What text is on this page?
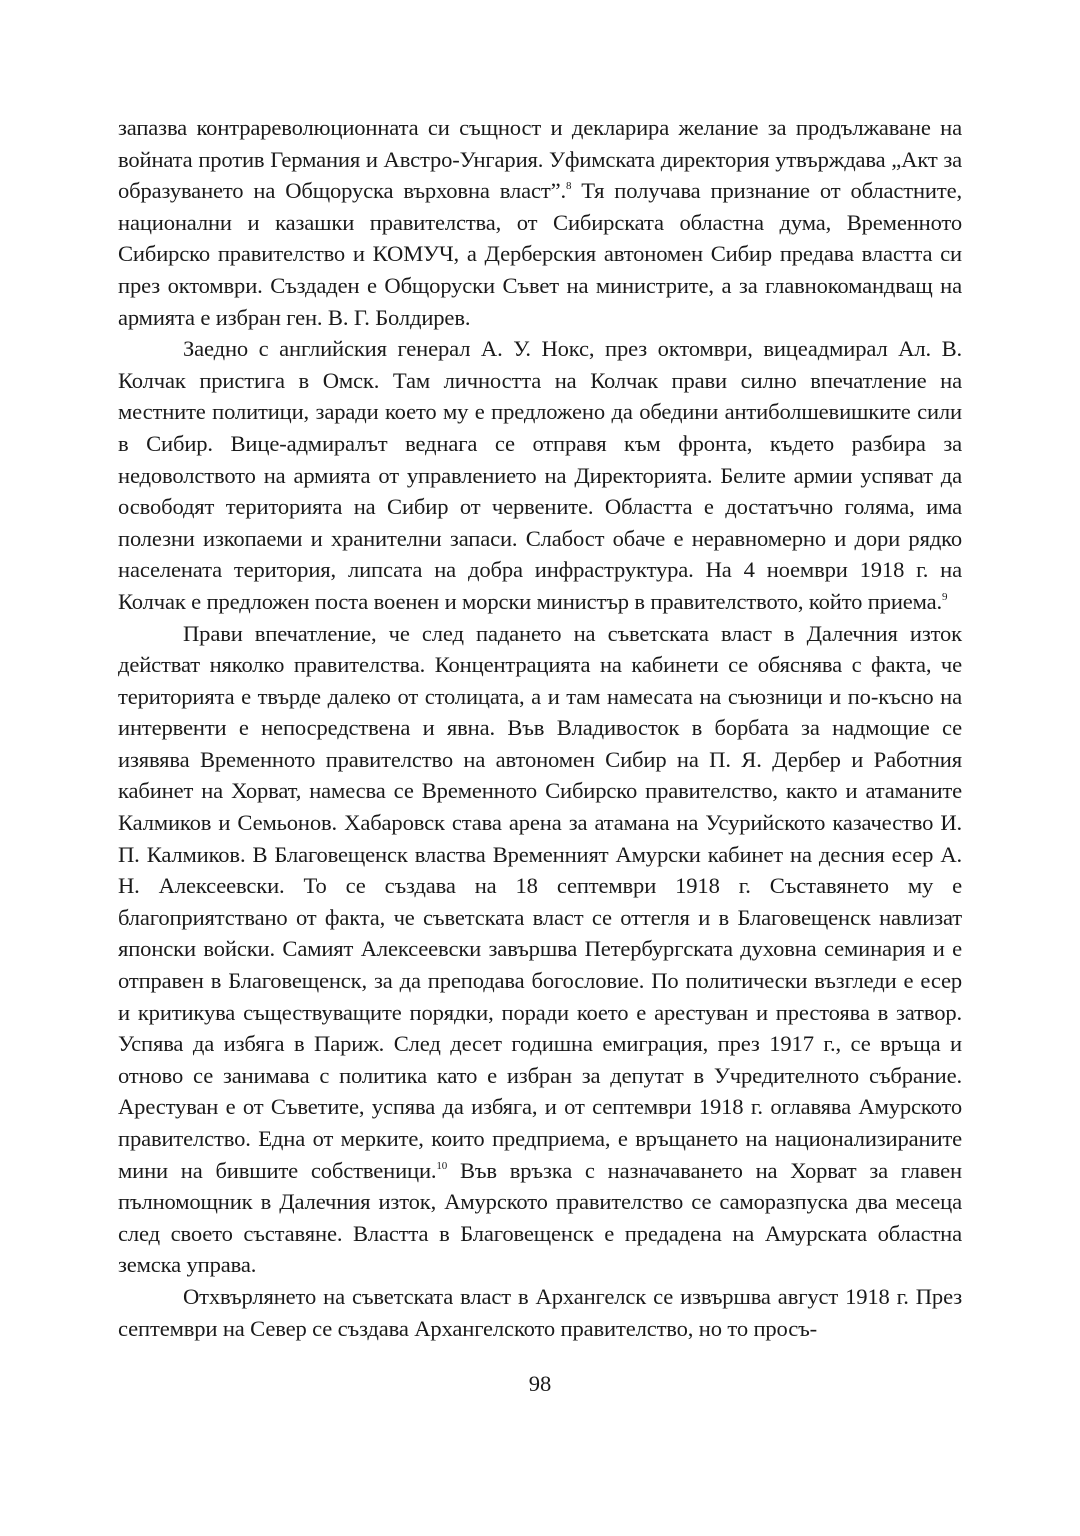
запазва контрареволюционната си същност и декларира желание за продължаване на войната против Германия и Австро-Унгария. Уфимската директория утвърждава „Акт за образуването на Общоруска върховна власт”.$^8$ Тя получава признание от областните, национални и казашки правителства, от Сибирската областна дума, Временното Сибирско правителство и КОМУЧ, а Дерберския автономен Сибир предава властта си през октомври. Създаден е Общоруски Съвет на министрите, а за главнокомандващ на армията е избран ген. В. Г. Болдирев.

Заедно с английския генерал А. У. Нокс, през октомври, вицеадмирал Ал. В. Колчак пристига в Омск. Там личността на Колчак прави силно впечатление на местните политици, заради което му е предложено да обедини антиболшевишките сили в Сибир. Вице-адмиралът веднага се отправя към фронта, където разбира за недоволството на армията от управлението на Директорията. Белите армии успяват да освободят територията на Сибир от червените. Областта е достатъчно голяма, има полезни изкопаеми и хранителни запаси. Слабост обаче е неравномерно и дори рядко населената територия, липсата на добра инфраструктура. На 4 ноември 1918 г. на Колчак е предложен поста военен и морски министър в правителството, който приема.$^9$

Прави впечатление, че след падането на съветската власт в Далечния изток действат няколко правителства. Концентрацията на кабинети се обяснява с факта, че територията е твърде далеко от столицата, а и там намесата на съюзници и по-късно на интервенти е непосредствена и явна. Във Владивосток в борбата за надмощие се изявява Временното правителство на автономен Сибир на П. Я. Дербер и Работния кабинет на Хорват, намесва се Временното Сибирско правителство, както и атаманите Калмиков и Семьонов. Хабаровск става арена за атамана на Усурийското казачество И. П. Калмиков. В Благовещенск властва Временният Амурски кабинет на десния есер А. Н. Алексеевски. То се създава на 18 септември 1918 г. Съставянето му е благоприятствано от факта, че съветската власт се оттегля и в Благовещенск навлизат японски войски. Самият Алексеевски завършва Петербургската духовна семинария и е отправен в Благовещенск, за да преподава богословие. По политически възгледи е есер и критикува съществуващите порядки, поради което е арестуван и престоява в затвор. Успява да избяга в Париж. След десет годишна емиграция, през 1917 г., се връща и отново се занимава с политика като е избран за депутат в Учредителното събрание. Арестуван е от Съветите, успява да избяга, и от септември 1918 г. оглавява Амурското правителство. Една от мерките, които предприема, е връщането на национализираните мини на бившите собственици.$^{10}$ Във връзка с назначаването на Хорват за главен пълномощник в Далечния изток, Амурското правителство се саморазпуска два месеца след своето съставяне. Властта в Благовещенск е предадена на Амурската областна земска управа.

Отхвърлянето на съветската власт в Архангелск се извършва август 1918 г. През септември на Север се създава Архангелското правителство, но то просъ-

98
